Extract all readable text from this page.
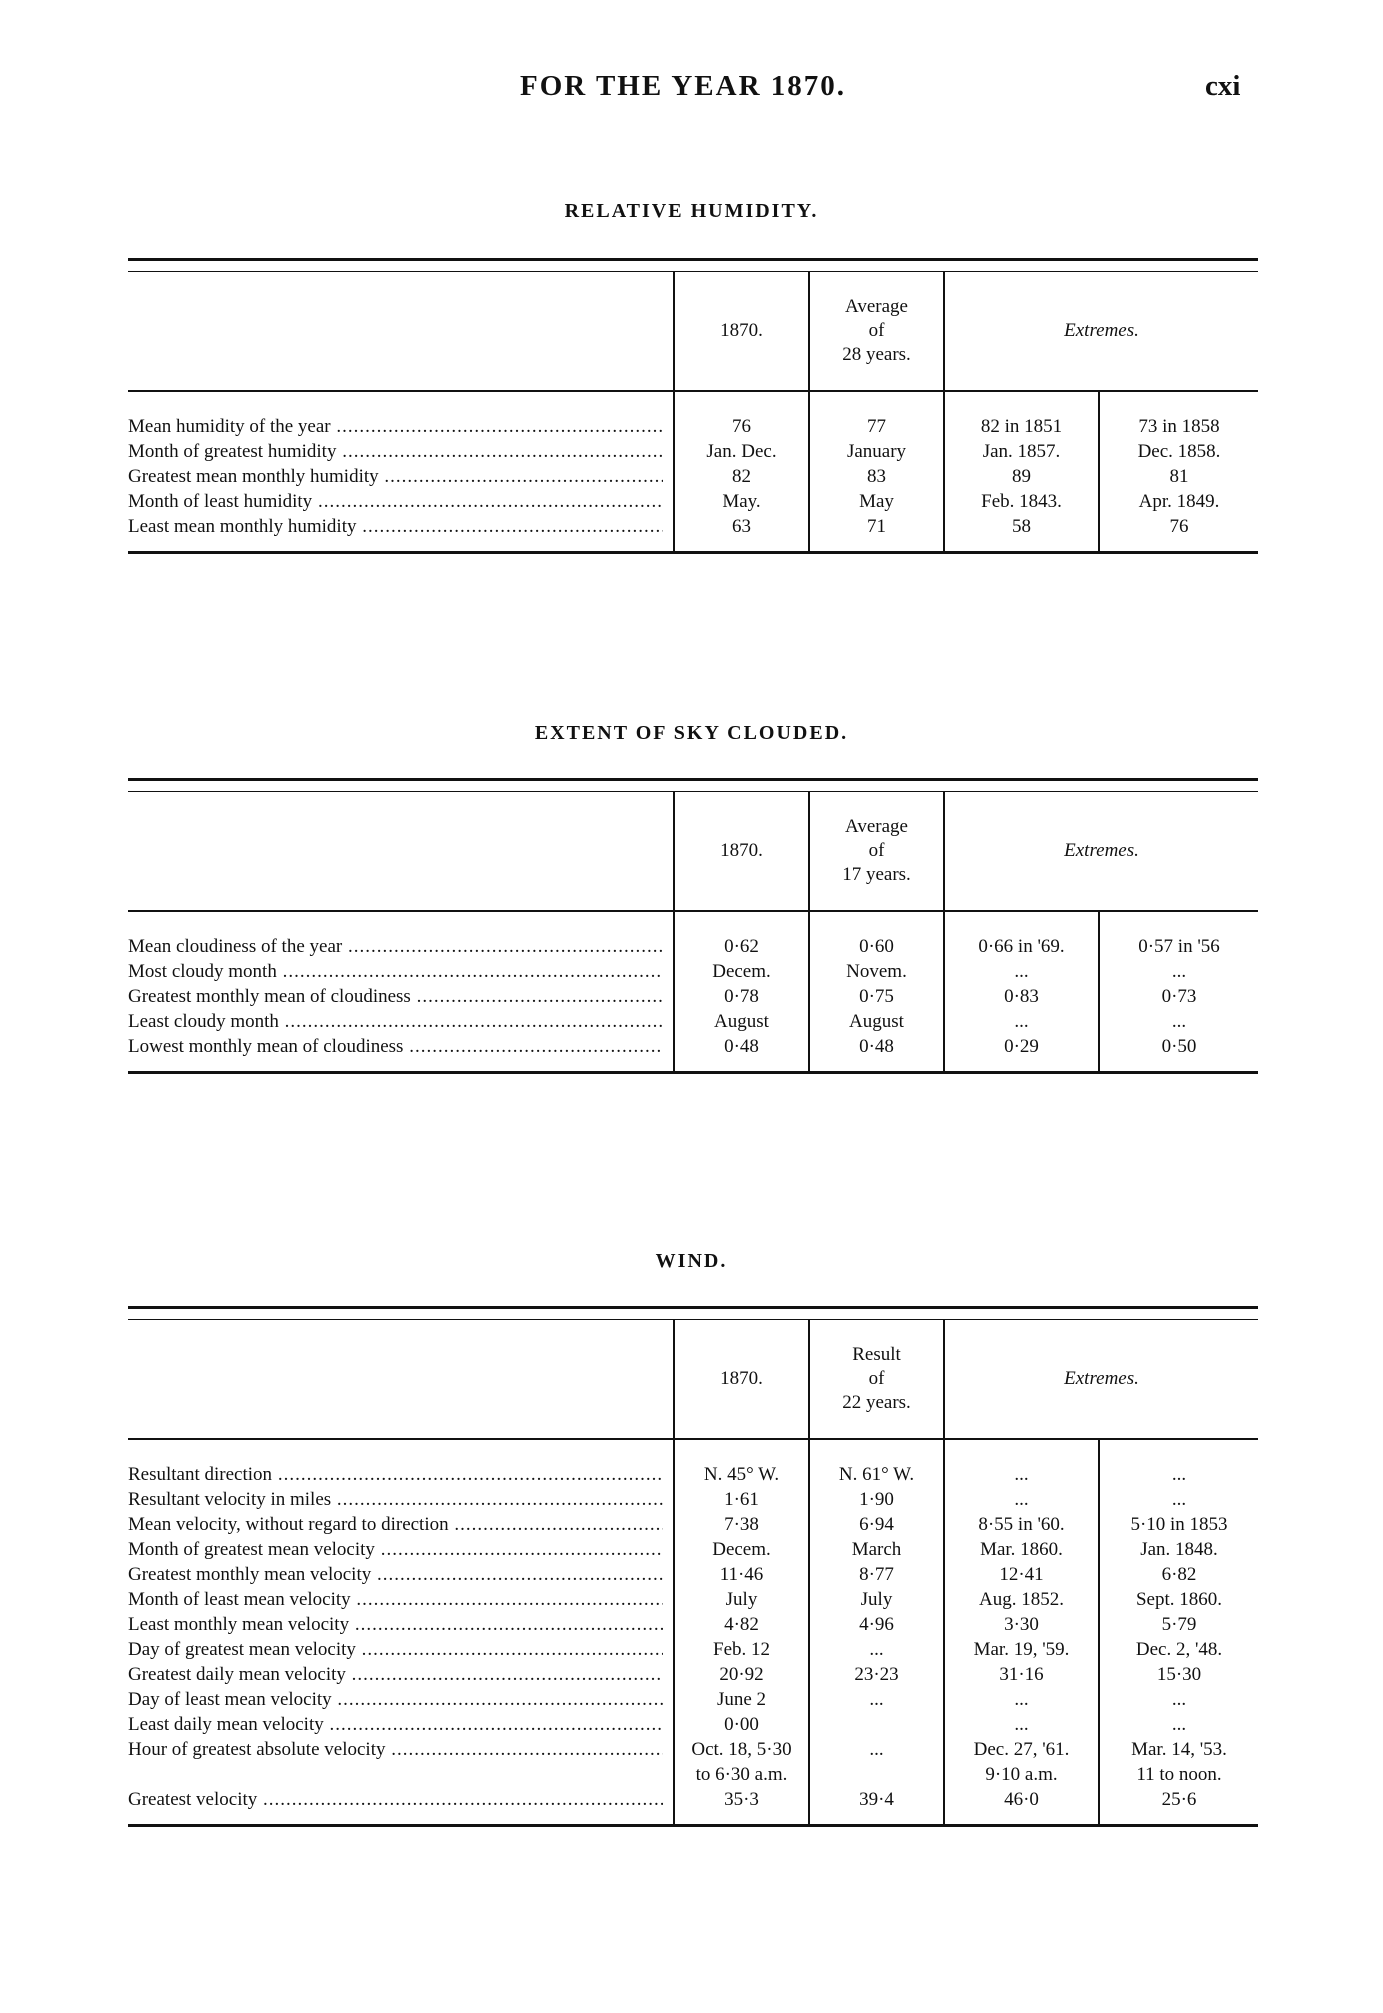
FOR THE YEAR 1870.	cxi
RELATIVE HUMIDITY.
1870.
Average
of
28 years.
Extremes.
Mean humidity of the year .....
Month of greatest humidity .....
Greatest mean monthly humidity .....
Month of least humidity .....
Least mean monthly humidity .....
76
Jan. Dec.
82
May.
63
77
January
83
May
71
82 in 1851
Jan. 1857.
89
Feb. 1843.
58
73 in 1858
Dec. 1858.
81
Apr. 1849.
76
EXTENT OF SKY CLOUDED.
1870.
Average
of
17 years.
Extremes.
Mean cloudiness of the year .....
Most cloudy month .....
Greatest monthly mean of cloudiness .....
Least cloudy month .....
Lowest monthly mean of cloudiness .....
0·62
Decem.
0·78
August
0·48
0·60
Novem.
0·75
August
0·48
0·66 in '69.
...
0·83
...
0·29
0·57 in '56
...
0·73
...
0·50
WIND.
1870.
Result
of
22 years.
Extremes.
Resultant direction .....
Resultant velocity in miles .....
Mean velocity, without regard to direction .....
Month of greatest mean velocity .....
Greatest monthly mean velocity .....
Month of least mean velocity .....
Least monthly mean velocity .....
Day of greatest mean velocity .....
Greatest daily mean velocity .....
Day of least mean velocity .....
Least daily mean velocity .....
Hour of greatest absolute velocity .....
Greatest velocity .....
N. 45° W.
1·61
7·38
Decem.
11·46
July
4·82
Feb. 12
20·92
June 2
0·00
Oct. 18, 5·30
to 6·30 a.m.
35·3
N. 61° W.
1·90
6·94
March
8·77
July
4·96
...
23·23
...
...
39·4
...
...
8·55 in '60.
Mar. 1860.
12·41
Aug. 1852.
3·30
Mar. 19, '59.
31·16
...
...
Dec. 27, '61.
9·10 a.m.
46·0
...
...
5·10 in 1853
Jan. 1848.
6·82
Sept. 1860.
5·79
Dec. 2, '48.
15·30
...
...
Mar. 14, '53.
11 to noon.
25·6
